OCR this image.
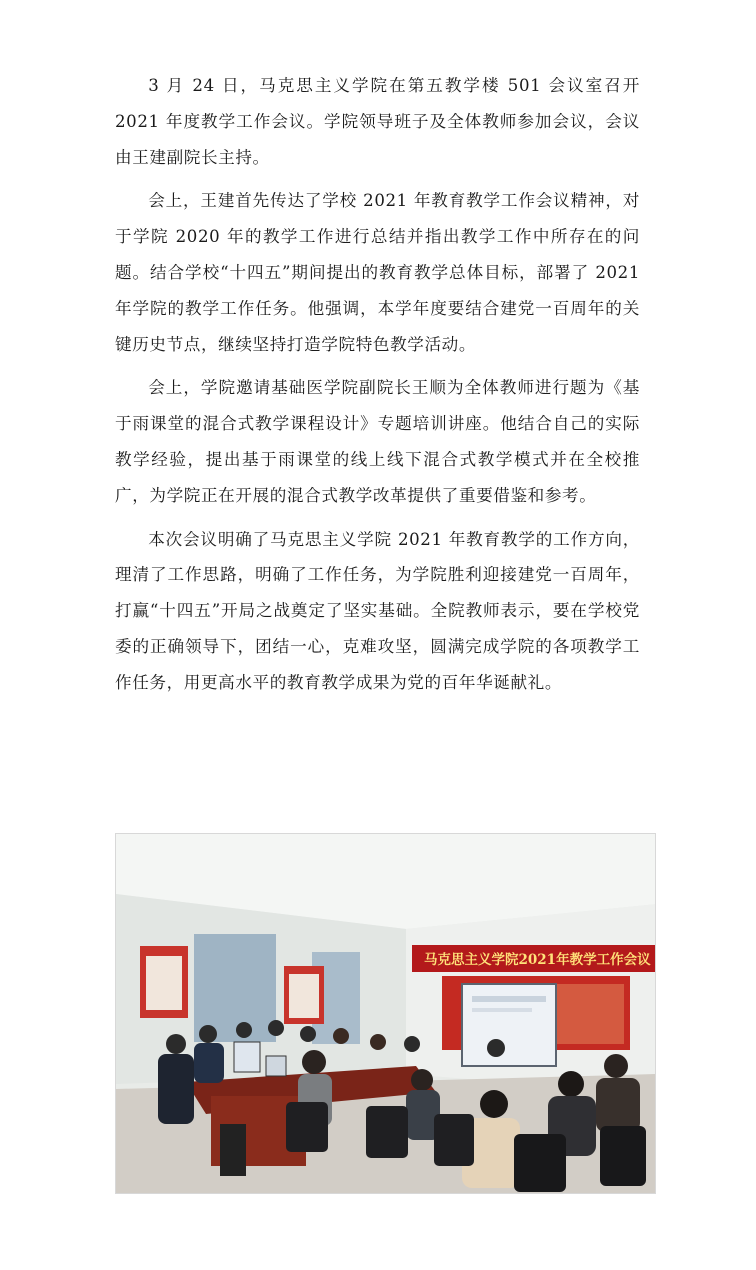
3 月 24 日，马克思主义学院在第五教学楼 501 会议室召开 2021 年度教学工作会议。学院领导班子及全体教师参加会议，会议由王建副院长主持。

会上，王建首先传达了学校 2021 年教育教学工作会议精神，对于学院 2020 年的教学工作进行总结并指出教学工作中所存在的问题。结合学校“十四五”期间提出的教育教学总体目标，部署了 2021 年学院的教学工作任务。他强调，本学年度要结合建党一百周年的关键历史节点，继续坚持打造学院特色教学活动。

会上，学院邀请基础医学院副院长王顺为全体教师进行题为《基于雨课堂的混合式教学课程设计》专题培训讲座。他结合自己的实际教学经验，提出基于雨课堂的线上线下混合式教学模式并在全校推广，为学院正在开展的混合式教学改革提供了重要借鉴和参考。

本次会议明确了马克思主义学院 2021 年教育教学的工作方向，理清了工作思路，明确了工作任务，为学院胜利迎接建党一百周年，打赢“十四五”开局之战奠定了坚实基础。全院教师表示，要在学校党委的正确领导下，团结一心，克难攻坚，圆满完成学院的各项教学工作任务，用更高水平的教育教学成果为党的百年华诞献礼。

马克思主义学院2021年教学工作会议
